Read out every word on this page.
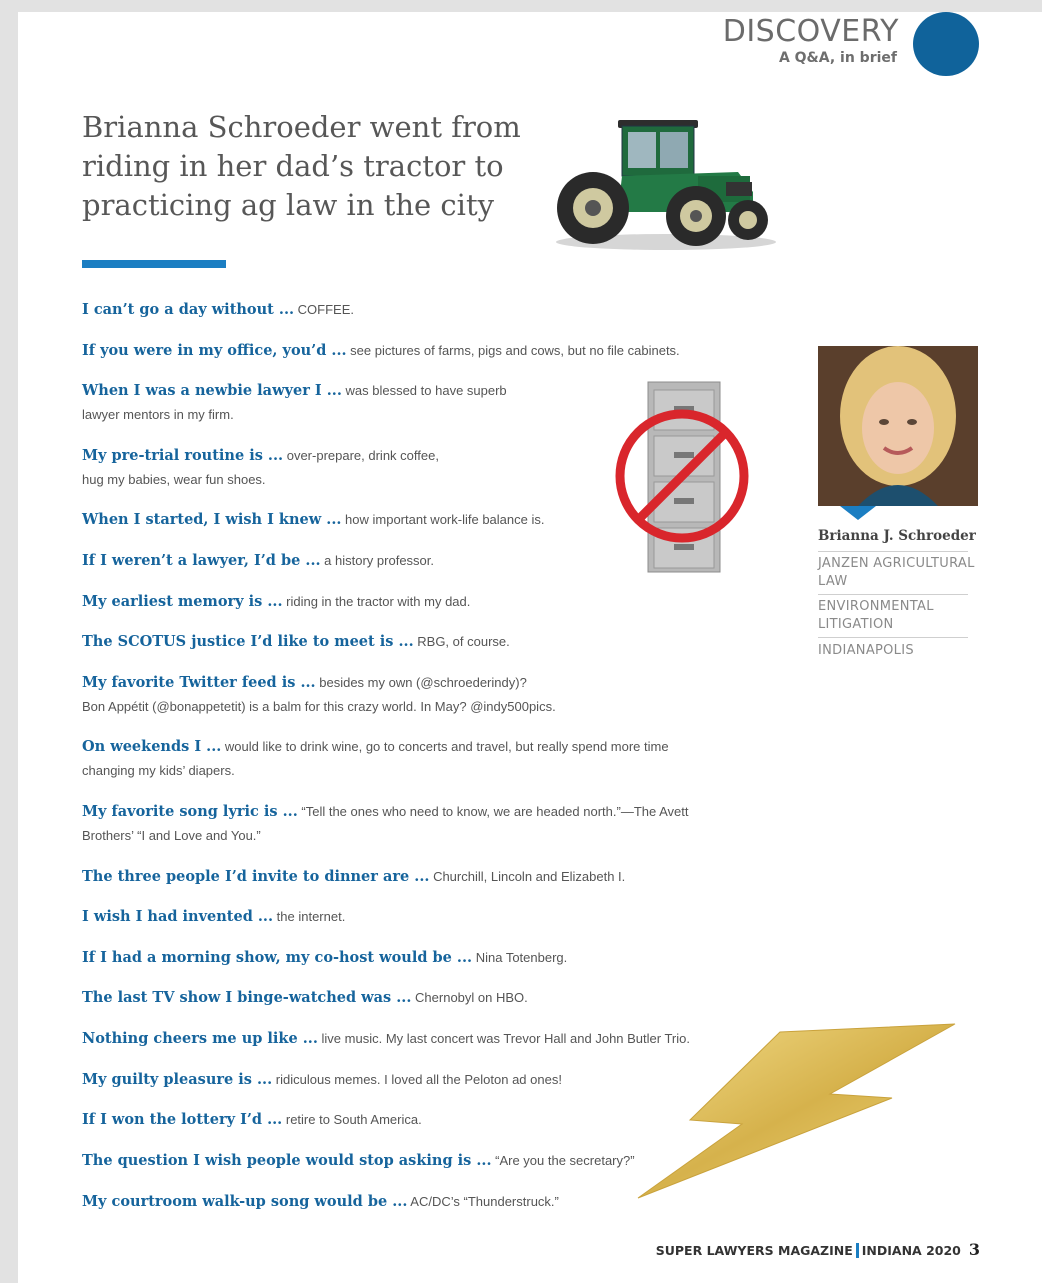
DISCOVERY
A Q&A, in brief
Brianna Schroeder went from riding in her dad’s tractor to practicing ag law in the city
I can’t go a day without ... COFFEE.
If you were in my office, you’d ... see pictures of farms, pigs and cows, but no file cabinets.
When I was a newbie lawyer I ... was blessed to have superb
lawyer mentors in my firm.
My pre-trial routine is ... over-prepare, drink coffee,
hug my babies, wear fun shoes.
When I started, I wish I knew ... how important work-life balance is.
If I weren’t a lawyer, I’d be ... a history professor.
My earliest memory is ... riding in the tractor with my dad.
The SCOTUS justice I’d like to meet is ... RBG, of course.
My favorite Twitter feed is ... besides my own (@schroederindy)?
Bon Appétit (@bonappetetit) is a balm for this crazy world. In May? @indy500pics.
On weekends I ... would like to drink wine, go to concerts and travel, but really spend more time
changing my kids’ diapers.
My favorite song lyric is ... “Tell the ones who need to know, we are headed north.”—The Avett
Brothers’ “I and Love and You.”
The three people I’d invite to dinner are ... Churchill, Lincoln and Elizabeth I.
I wish I had invented ... the internet.
If I had a morning show, my co-host would be ... Nina Totenberg.
The last TV show I binge-watched was ... Chernobyl on HBO.
Nothing cheers me up like ... live music. My last concert was Trevor Hall and John Butler Trio.
My guilty pleasure is ... ridiculous memes. I loved all the Peloton ad ones!
If I won the lottery I’d ... retire to South America.
The question I wish people would stop asking is ... “Are you the secretary?”
My courtroom walk-up song would be ... AC/DC’s “Thunderstruck.”
Brianna J. Schroeder
JANZEN AGRICULTURAL LAW
ENVIRONMENTAL LITIGATION
INDIANAPOLIS
SUPER LAWYERS MAGAZINE INDIANA 2020 3
